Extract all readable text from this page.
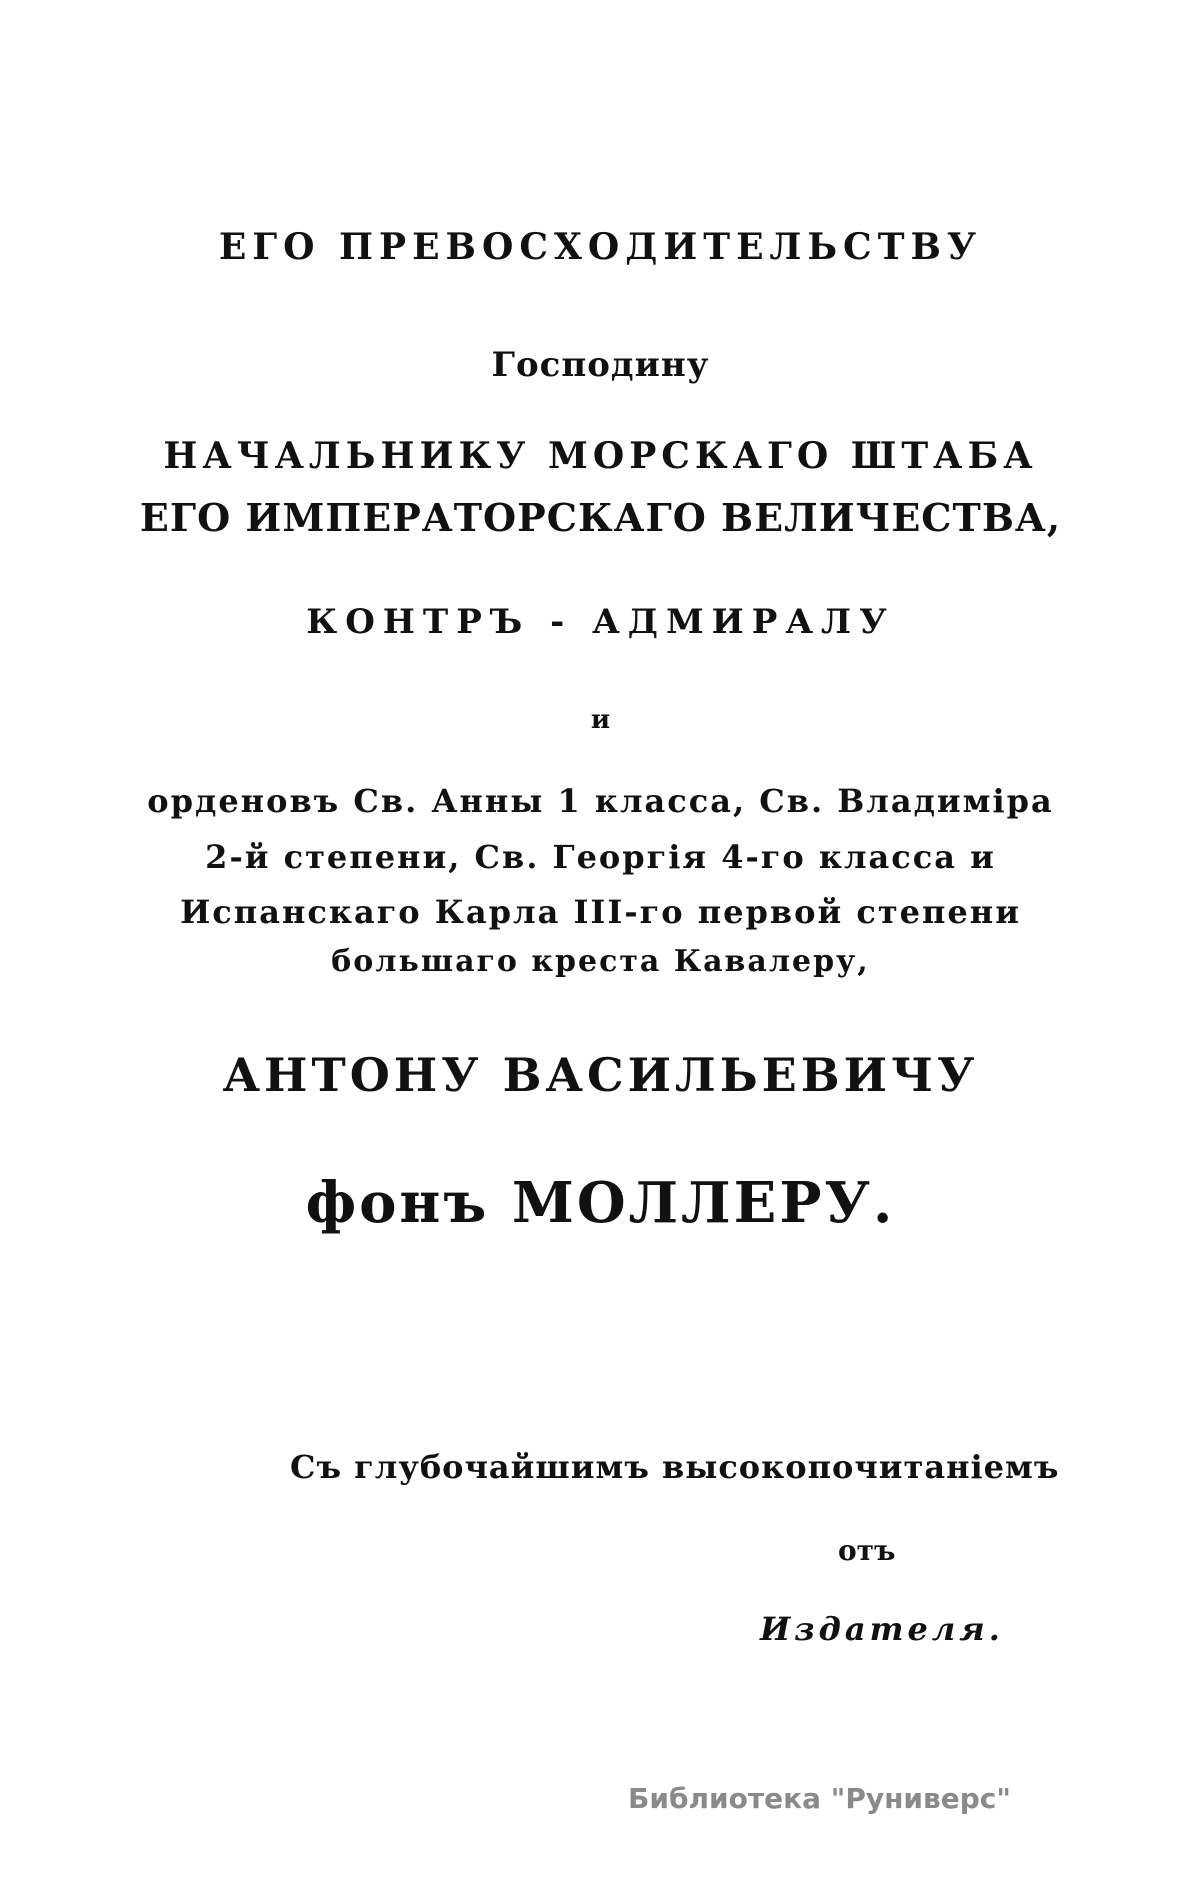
ЕГО ПРЕВОСХОДИТЕЛЬСТВУ
Господину
НАЧАЛЬНИКУ МОРСКАГО ШТАБА
ЕГО ИМПЕРАТОРСКАГО ВЕЛИЧЕСТВА,
КОНТРЪ - АДМИРАЛУ
и
орденовъ Св. Анны 1 класса, Св. Владимiра
2-й степени, Св. Георгiя 4-го класса и
Испанскаго Карла III-го первой степени
большаго креста Кавалеру,
АНТОНУ ВАСИЛЬЕВИЧУ
фонъ МОЛЛЕРУ.
Съ глубочайшимъ высокопочитанiемъ
отъ
Издателя.
Библиотека "Руниверс"
